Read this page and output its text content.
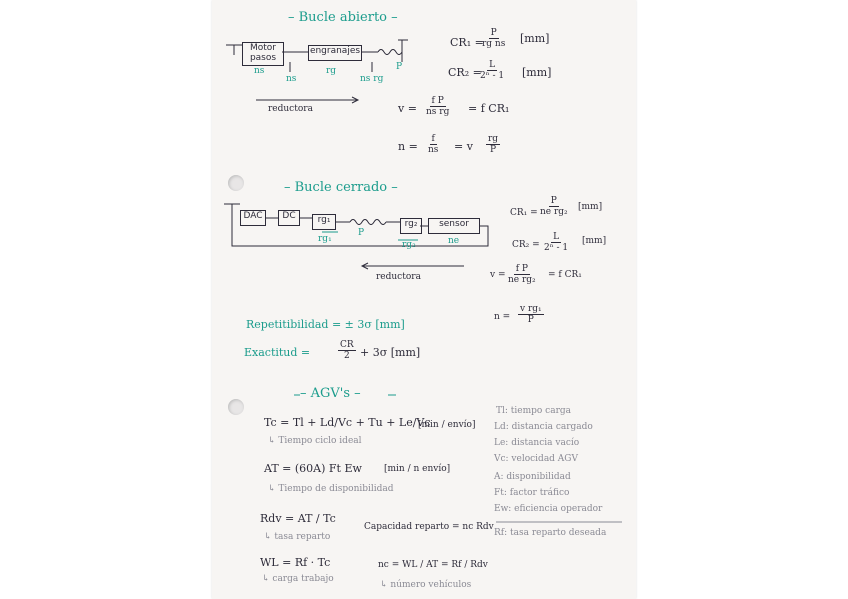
– Bucle abierto –
Motor pasos
engranajes
ns
ns
rg
ns rg
P
reductora
CR₁ =
$\frac{P}{\text{rg ns}} [mm]$
CR₂ =
$\frac{L}{\text{2ⁿ - 1}} [mm]$
$v = \frac{\text{f P}}{\text{ns rg}} = f$ CR₁
$n = \frac{f}{ns} = v \frac{rg}{P}$
– Bucle cerrado –
DAC	DC	rg₁	rg₂	sensor
rg₁
P
rg₂	ne
reductora
$CR_1 = \frac{P}{\text{ne rg₂}} [mm]$
$CR_2 = \frac{L}{\text{2ⁿ - 1}} [mm]$
$v = \frac{\text{f P}}{\text{ne rg₂}} = f$ CR₁
$n = \frac{\text{v rg₁}}{P}$
Repetitibilidad = ± 3σ [mm]
Exactitud =	$\frac{CR}{2} + 3\sigma$ [mm]
– AGV's –
Tc = Tl + Ld/Vc + Tu + Le/Vc
[min / envío]
↳ Tiempo ciclo ideal
AT = (60A) Ft Ew [min / n envío]
↳ Tiempo de disponibilidad
Rdv = AT / Tc
↳ tasa reparto
Capacidad reparto = nc Rdv
WL = Rf · Tc
↳ carga trabajo
nc = WL / AT = Rf / Rdv
↳ número vehículos
Tl: tiempo carga
Ld: distancia cargado
Le: distancia vacío
Vc: velocidad AGV
A: disponibilidad
Ft: factor tráfico
Ew: eficiencia operador
Rf: tasa reparto deseada
